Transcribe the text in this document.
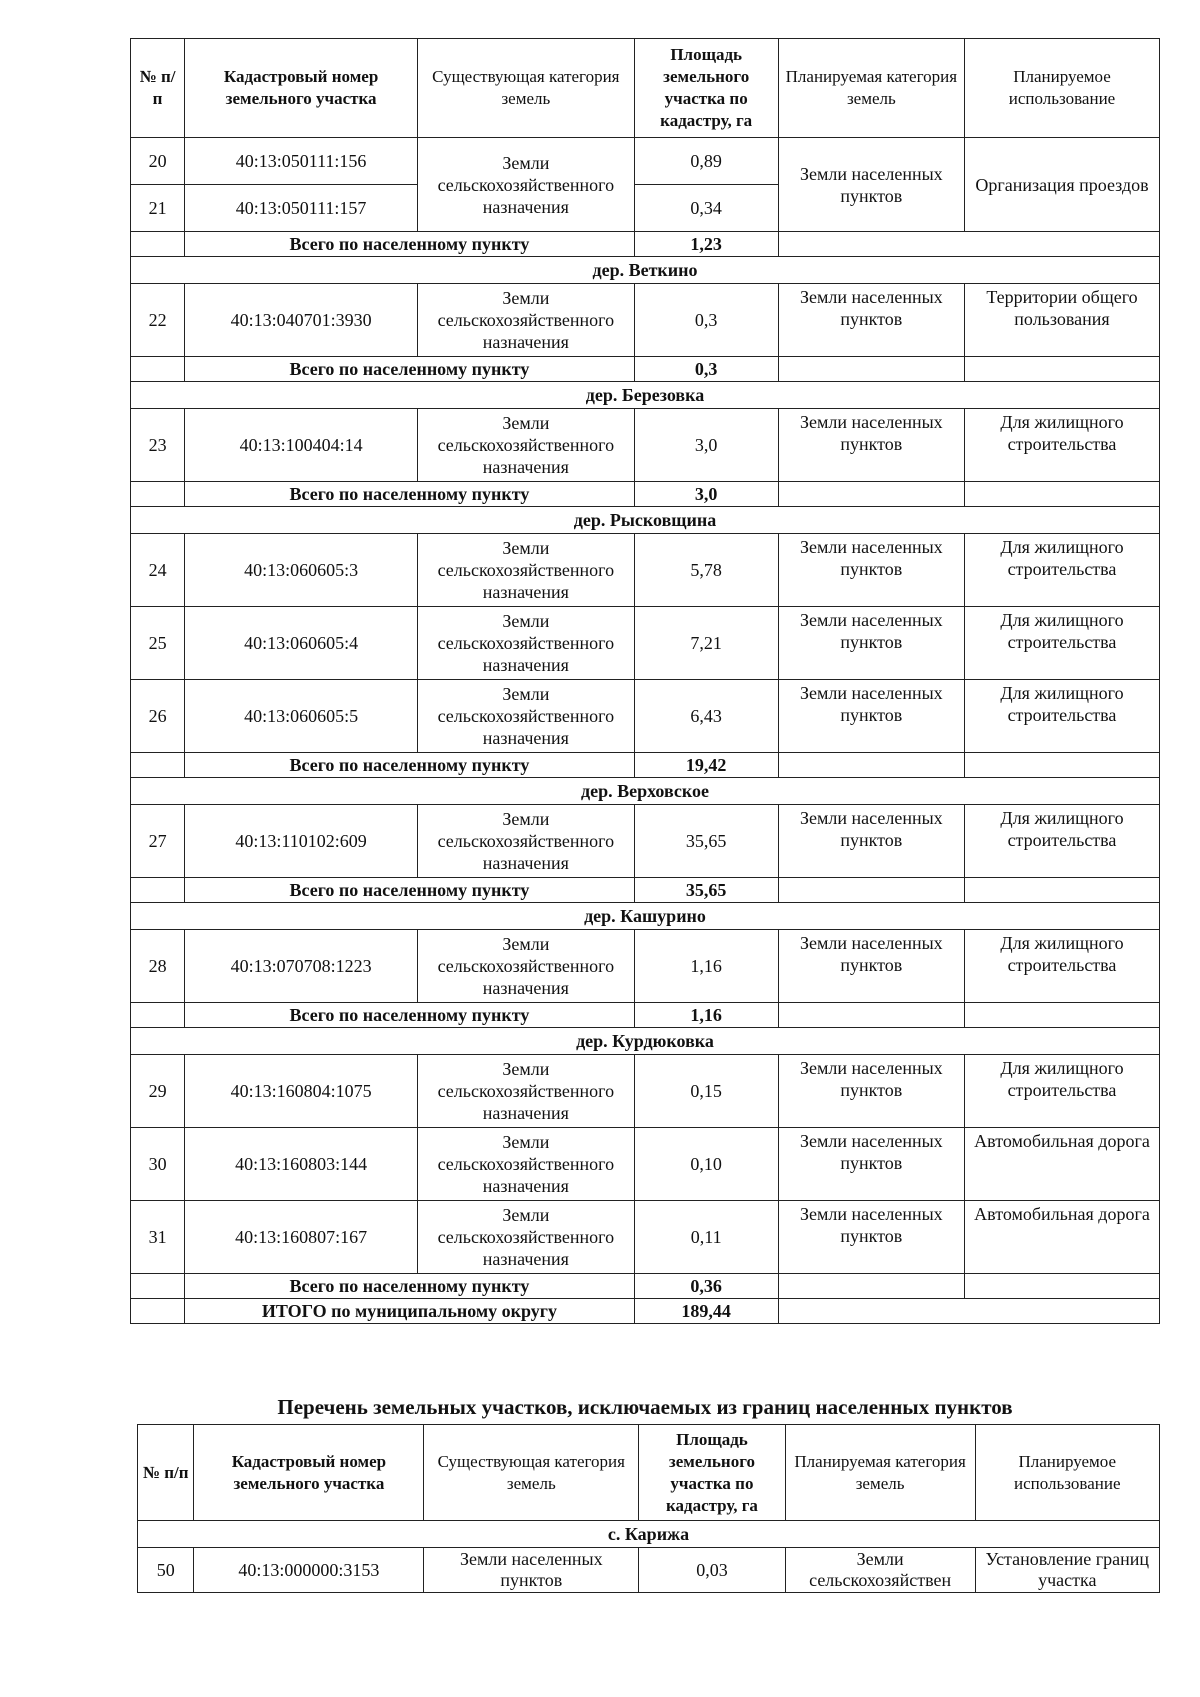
№ п/п	Кадастровый номер земельного участка	Существующая категория земель	Площадь земельного участка по кадастру, га	Планируемая категория земель	Планируемое использование
20	40:13:050111:156	Земли сельскохозяйственного назначения	0,89	Земли населенных пунктов	Организация проездов
21	40:13:050111:157		0,34		
	Всего по населенному пункту		1,23		
дер. Веткино					
22	40:13:040701:3930	Земли сельскохозяйственного назначения	0,3	Земли населенных пунктов	Территории общего пользования
	Всего по населенному пункту		0,3		
дер. Березовка					
23	40:13:100404:14	Земли сельскохозяйственного назначения	3,0	Земли населенных пунктов	Для жилищного строительства
	Всего по населенному пункту		3,0		
дер. Рысковщина					
24	40:13:060605:3	Земли сельскохозяйственного назначения	5,78	Земли населенных пунктов	Для жилищного строительства
25	40:13:060605:4	Земли сельскохозяйственного назначения	7,21	Земли населенных пунктов	Для жилищного строительства
26	40:13:060605:5	Земли сельскохозяйственного назначения	6,43	Земли населенных пунктов	Для жилищного строительства
	Всего по населенному пункту		19,42		
дер. Верховское					
27	40:13:110102:609	Земли сельскохозяйственного назначения	35,65	Земли населенных пунктов	Для жилищного строительства
	Всего по населенному пункту		35,65		
дер. Кашурино					
28	40:13:070708:1223	Земли сельскохозяйственного назначения	1,16	Земли населенных пунктов	Для жилищного строительства
	Всего по населенному пункту		1,16		
дер. Курдюковка					
29	40:13:160804:1075	Земли сельскохозяйственного назначения	0,15	Земли населенных пунктов	Для жилищного строительства
30	40:13:160803:144	Земли сельскохозяйственного назначения	0,10	Земли населенных пунктов	Автомобильная дорога
31	40:13:160807:167	Земли сельскохозяйственного назначения	0,11	Земли населенных пунктов	Автомобильная дорога
	Всего по населенному пункту		0,36		
	ИТОГО по муниципальному округу		189,44		
Перечень земельных участков, исключаемых из границ населенных пунктов
№ п/п	Кадастровый номер земельного участка	Существующая категория земель	Площадь земельного участка по кадастру, га	Планируемая категория земель	Планируемое использование
с. Карижа					
50	40:13:000000:3153	Земли населенных пунктов	0,03	Земли сельскохозяйствен	Установление границ участка
